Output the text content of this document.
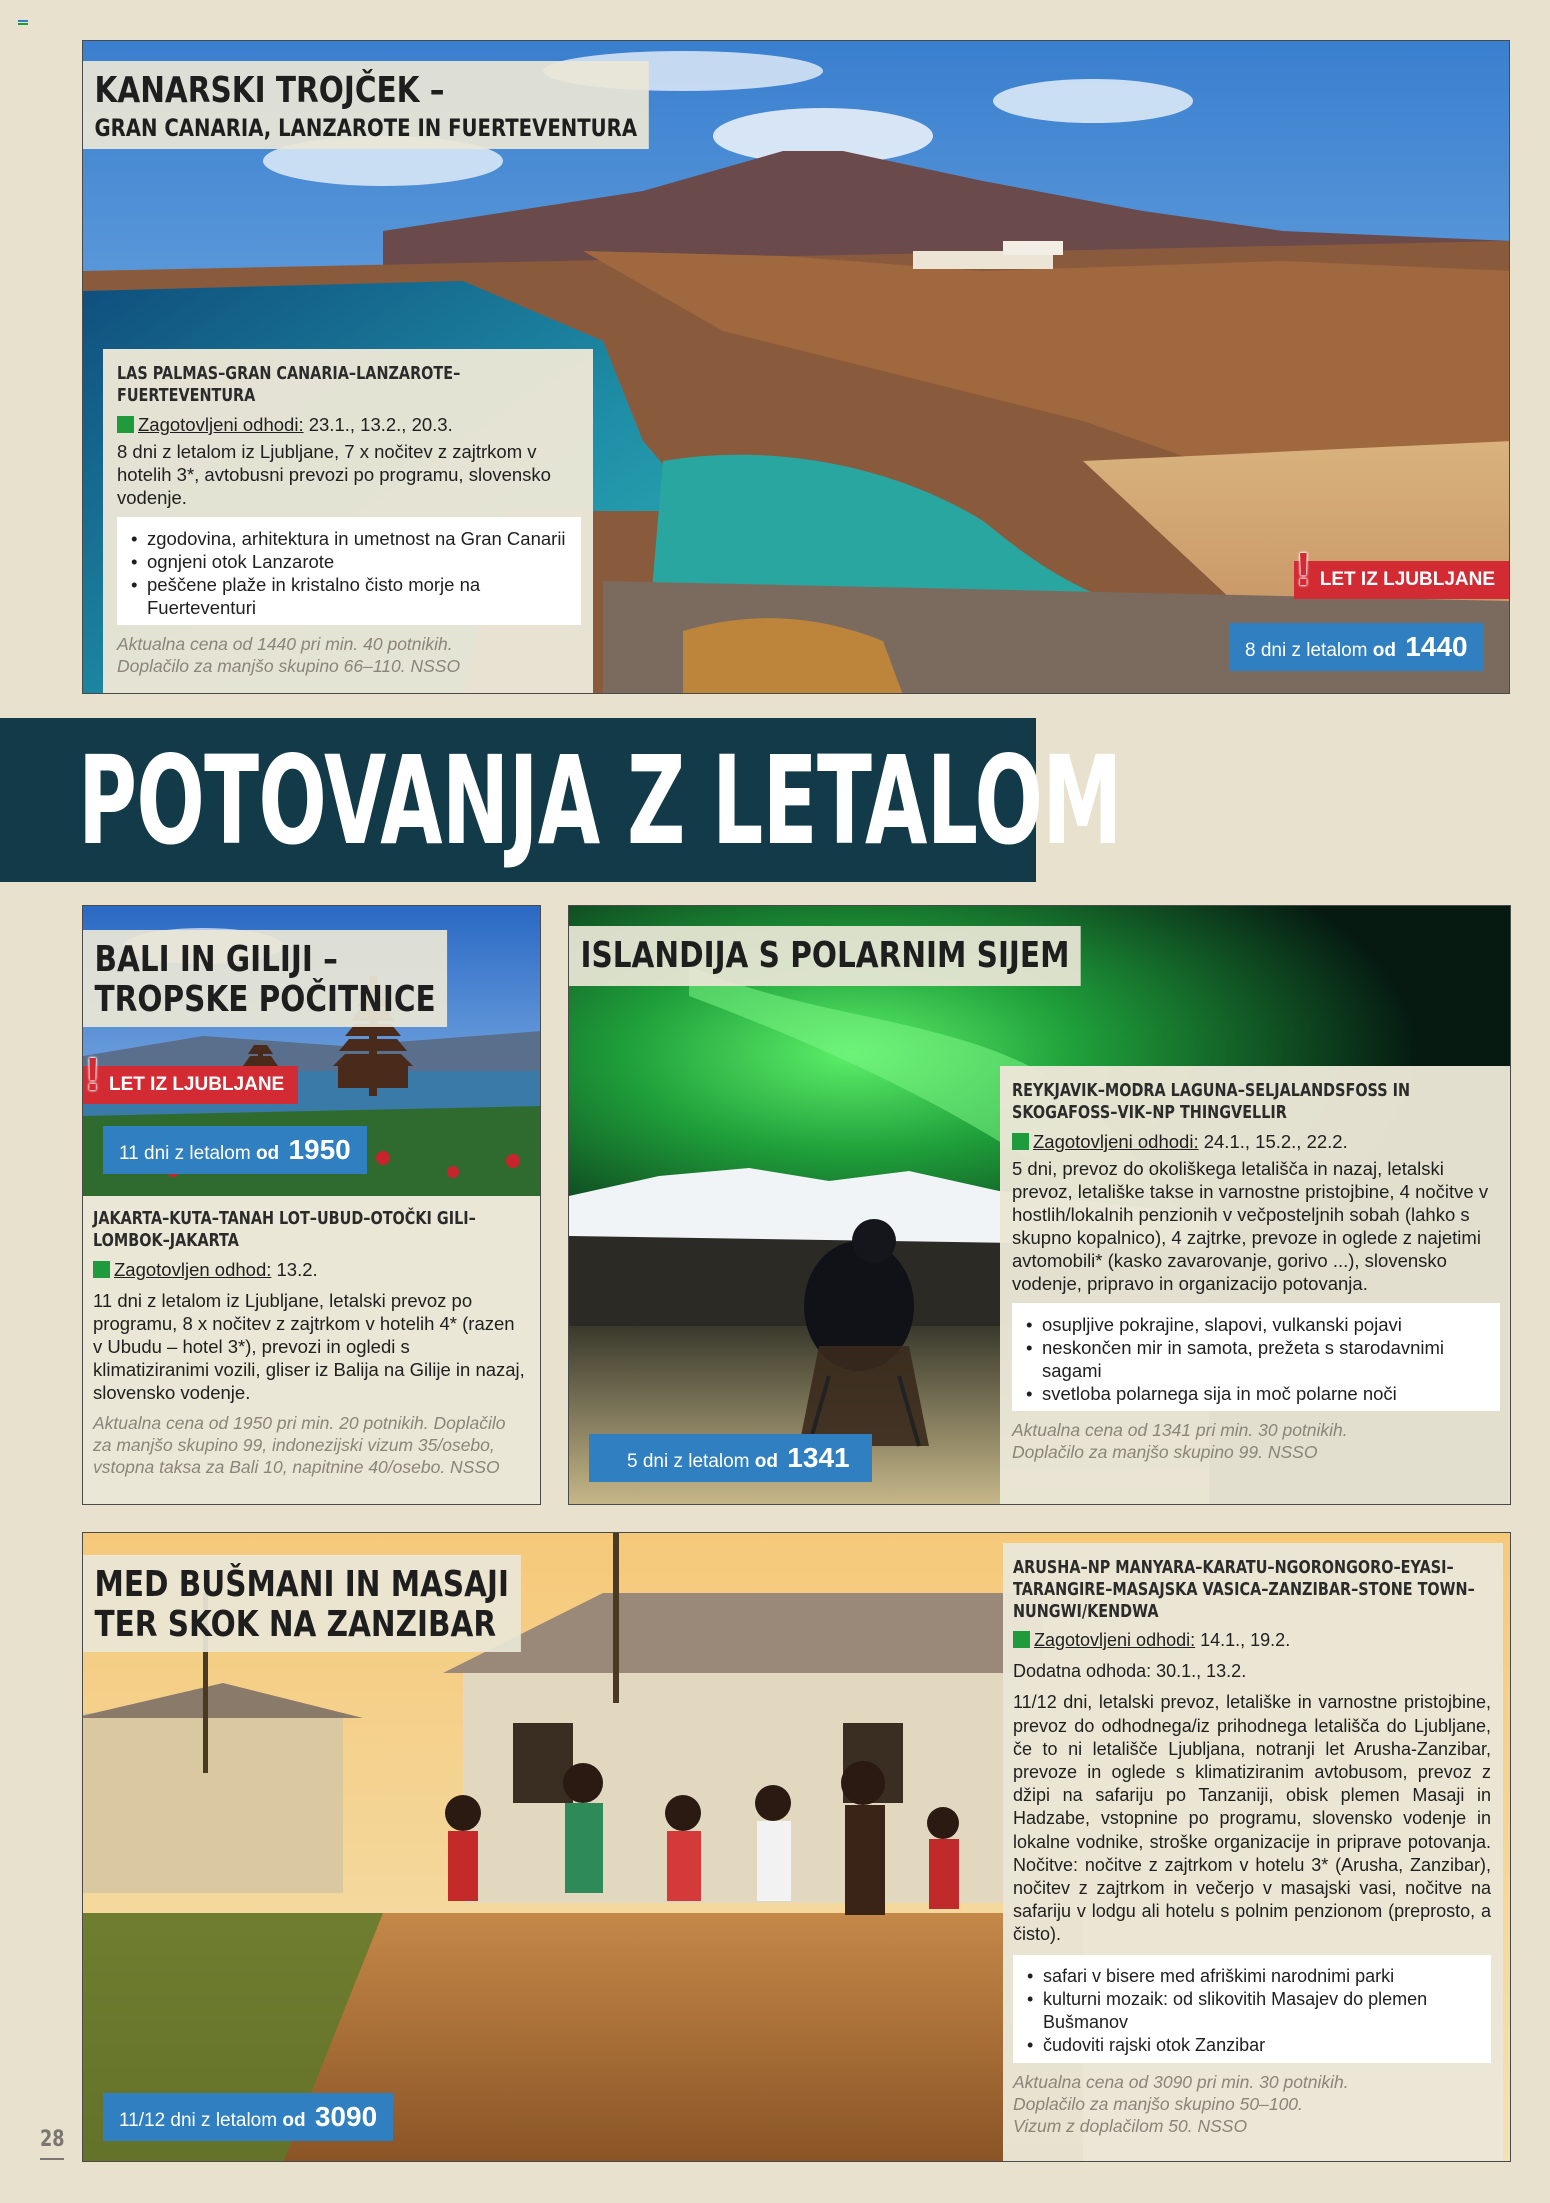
KANARSKI TROJČEK –
GRAN CANARIA, LANZAROTE IN FUERTEVENTURA
LAS PALMAS–GRAN CANARIA–LANZAROTE–FUERTEVENTURA
Zagotovljeni odhodi: 23.1., 13.2., 20.3.
8 dni z letalom iz Ljubljane, 7 x nočitev z zajtrkom v hotelih 3*, avtobusni prevozi po programu, slovensko vodenje.
• zgodovina, arhitektura in umetnost na Gran Canarii
• ognjeni otok Lanzarote
• peščene plaže in kristalno čisto morje na Fuerteventuri
Aktualna cena od 1440 pri min. 40 potnikih.
Doplačilo za manjšo skupino 66–110. NSSO
! LET IZ LJUBLJANE
8 dni z letalom od 1440
POTOVANJA Z LETALOM
BALI IN GILIJI –
TROPSKE POČITNICE
! LET IZ LJUBLJANE
11 dni z letalom od 1950
JAKARTA–KUTA–TANAH LOT–UBUD–OTOČKI GILI–LOMBOK–JAKARTA
Zagotovljen odhod: 13.2.
11 dni z letalom iz Ljubljane, letalski prevoz po programu, 8 x nočitev z zajtrkom v hotelih 4* (razen v Ubudu – hotel 3*), prevozi in ogledi s klimatiziranimi vozili, gliser iz Balija na Gilije in nazaj, slovensko vodenje.
Aktualna cena od 1950 pri min. 20 potnikih. Doplačilo za manjšo skupino 99, indonezijski vizum 35/osebo, vstopna taksa za Bali 10, napitnine 40/osebo. NSSO
ISLANDIJA S POLARNIM SIJEM
REYKJAVIK–MODRA LAGUNA–SELJALANDSFOSS IN SKOGAFOSS–VIK–NP THINGVELLIR
Zagotovljeni odhodi: 24.1., 15.2., 22.2.
5 dni, prevoz do okoliškega letališča in nazaj, letalski prevoz, letališke takse in varnostne pristojbine, 4 nočitve v hostlih/lokalnih penzionih v večposteljnih sobah (lahko s skupno kopalnico), 4 zajtrke, prevoze in oglede z najetimi avtomobili* (kasko zavarovanje, gorivo ...), slovensko vodenje, pripravo in organizacijo potovanja.
• osupljive pokrajine, slapovi, vulkanski pojavi
• neskončen mir in samota, prežeta s starodavnimi sagami
• svetloba polarnega sija in moč polarne noči
Aktualna cena od 1341 pri min. 30 potnikih.
Doplačilo za manjšo skupino 99. NSSO
5 dni z letalom od 1341
MED BUŠMANI IN MASAJI
TER SKOK NA ZANZIBAR
ARUSHA–NP MANYARA–KARATU–NGORONGORO–EYASI–TARANGIRE–MASAJSKA VASICA–ZANZIBAR–STONE TOWN–NUNGWI/KENDWA
Zagotovljeni odhodi: 14.1., 19.2.
Dodatna odhoda: 30.1., 13.2.
11/12 dni, letalski prevoz, letališke in varnostne pristojbine, prevoz do odhodnega/iz prihodnega letališča do Ljubljane, če to ni letališče Ljubljana, notranji let Arusha-Zanzibar, prevoze in oglede s klimatiziranim avtobusom, prevoz z džipi na safariju po Tanzaniji, obisk plemen Masaji in Hadzabe, vstopnine po programu, slovensko vodenje in lokalne vodnike, stroške organizacije in priprave potovanja. Nočitve: nočitve z zajtrkom v hotelu 3* (Arusha, Zanzibar), nočitev z zajtrkom in večerjo v masajski vasi, nočitve na safariju v lodgu ali hotelu s polnim penzionom (preprosto, a čisto).
• safari v bisere med afriškimi narodnimi parki
• kulturni mozaik: od slikovitih Masajev do plemen Bušmanov
• čudoviti rajski otok Zanzibar
Aktualna cena od 3090 pri min. 30 potnikih.
Doplačilo za manjšo skupino 50–100.
Vizum z doplačilom 50. NSSO
11/12 dni z letalom od 3090
28
